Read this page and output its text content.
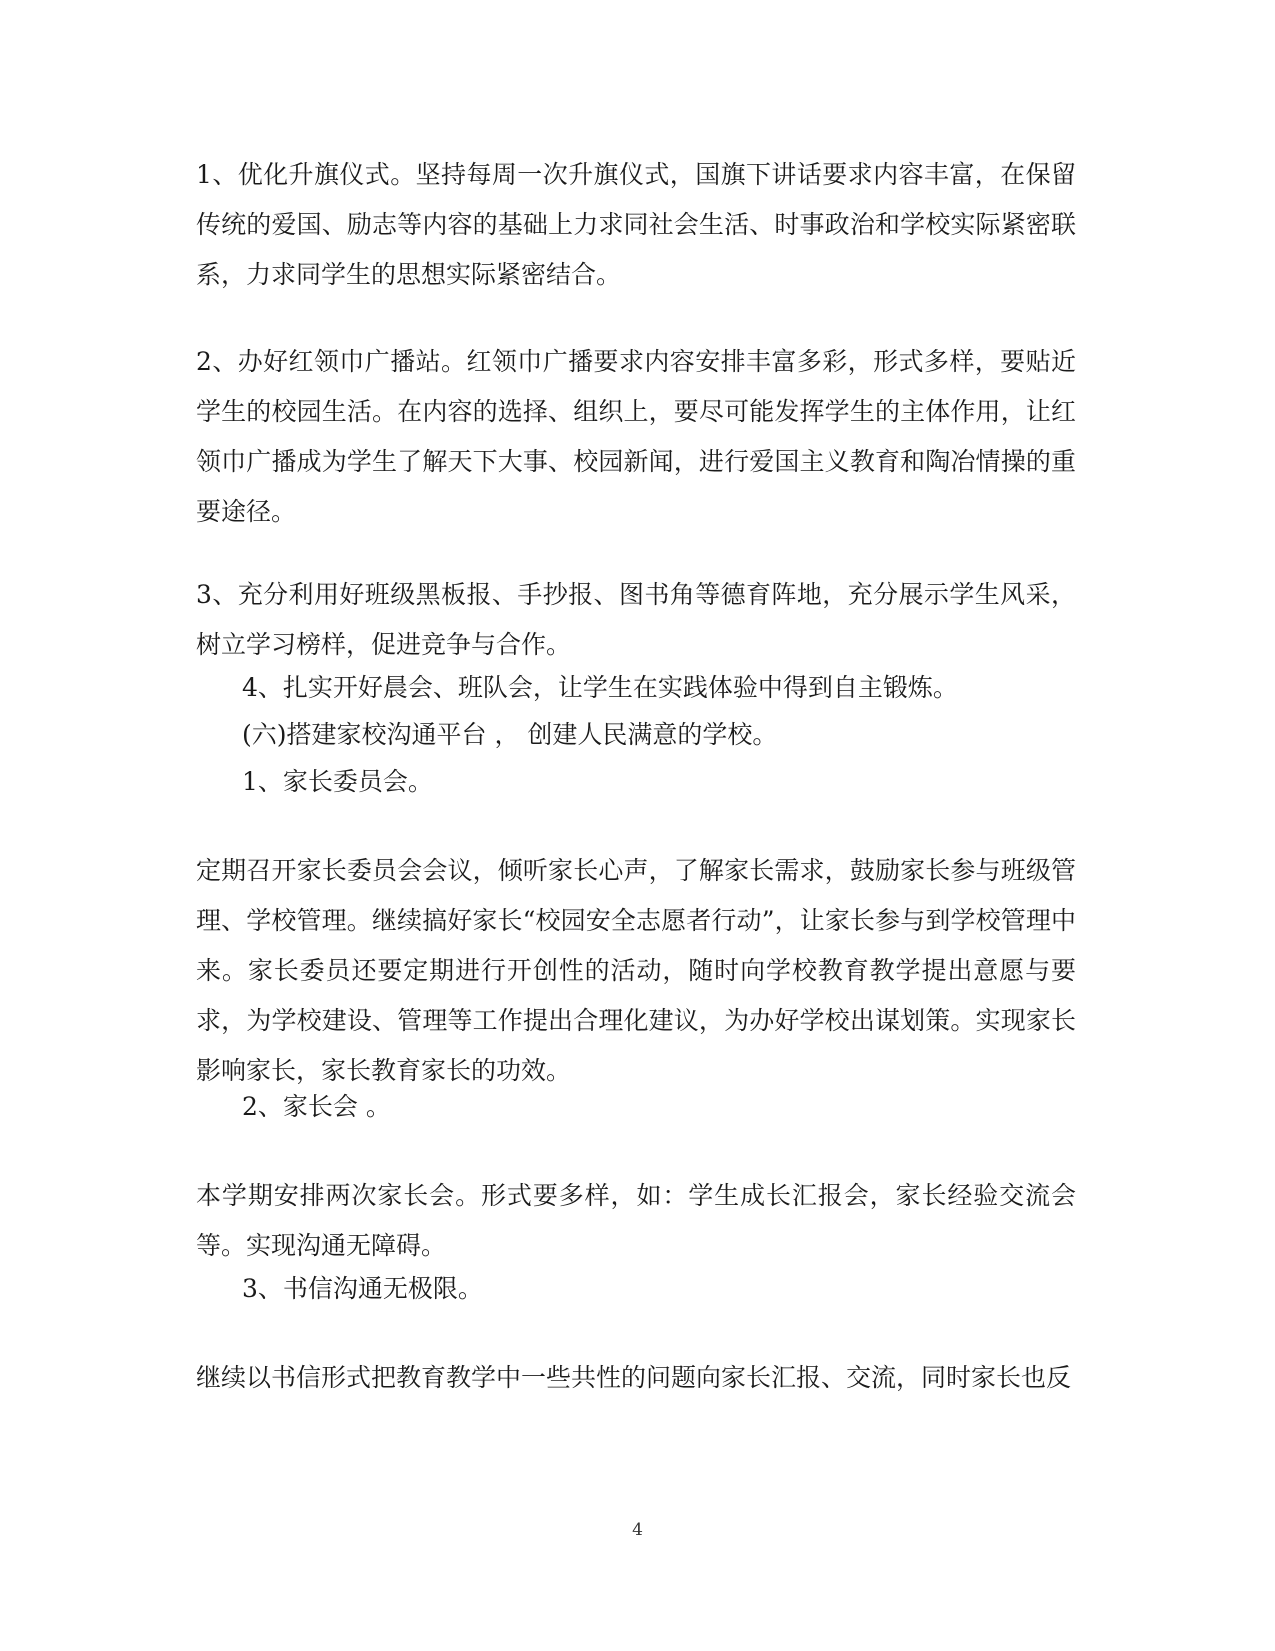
1、优化升旗仪式。坚持每周一次升旗仪式，国旗下讲话要求内容丰富，在保留传统的爱国、励志等内容的基础上力求同社会生活、时事政治和学校实际紧密联系，力求同学生的思想实际紧密结合。

2、办好红领巾广播站。红领巾广播要求内容安排丰富多彩，形式多样，要贴近学生的校园生活。在内容的选择、组织上，要尽可能发挥学生的主体作用，让红领巾广播成为学生了解天下大事、校园新闻，进行爱国主义教育和陶冶情操的重要途径。

3、充分利用好班级黑板报、手抄报、图书角等德育阵地，充分展示学生风采，树立学习榜样，促进竞争与合作。

4、扎实开好晨会、班队会，让学生在实践体验中得到自主锻炼。

(六)搭建家校沟通平台 ， 创建人民满意的学校。

1、家长委员会。

定期召开家长委员会会议，倾听家长心声，了解家长需求，鼓励家长参与班级管理、学校管理。继续搞好家长“校园安全志愿者行动”，让家长参与到学校管理中来。家长委员还要定期进行开创性的活动，随时向学校教育教学提出意愿与要求，为学校建设、管理等工作提出合理化建议，为办好学校出谋划策。实现家长影响家长，家长教育家长的功效。

2、家长会 。

本学期安排两次家长会。形式要多样，如：学生成长汇报会，家长经验交流会等。实现沟通无障碍。

3、书信沟通无极限。

继续以书信形式把教育教学中一些共性的问题向家长汇报、交流，同时家长也反

4
